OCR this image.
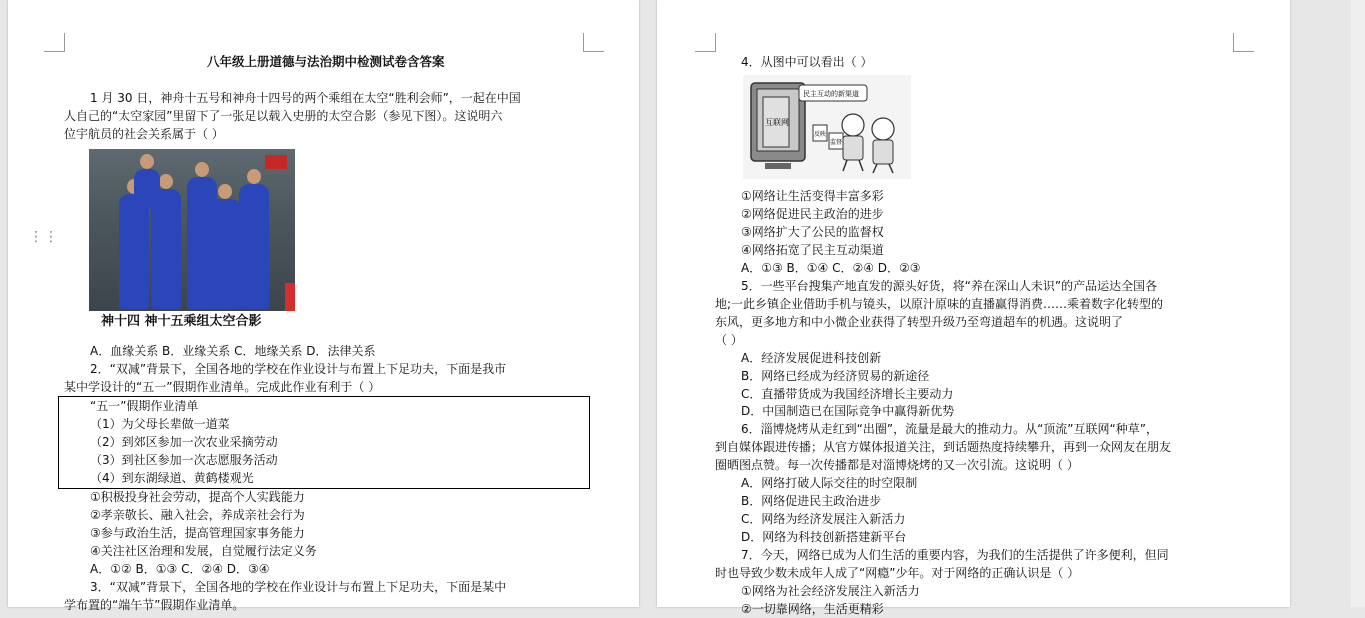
八年级上册道德与法治期中检测试卷含答案
1 月 30 日，神舟十五号和神舟十四号的两个乘组在太空“胜利会师”，一起在中国
人自己的“太空家园”里留下了一张足以载入史册的太空合影（参见下图）。这说明六
位宇航员的社会关系属于（ ）
神十四 神十五乘组太空合影
A．血缘关系 B．业缘关系 C．地缘关系 D．法律关系
2．“双减”背景下，全国各地的学校在作业设计与布置上下足功夫，下面是我市
某中学设计的“五一”假期作业清单。完成此作业有利于（ ）
“五一”假期作业清单
（1）为父母长辈做一道菜
（2）到郊区参加一次农业采摘劳动
（3）到社区参加一次志愿服务活动
（4）到东湖绿道、黄鹤楼观光
①积极投身社会劳动，提高个人实践能力
②孝亲敬长、融入社会，养成亲社会行为
③参与政治生活，提高管理国家事务能力
④关注社区治理和发展，自觉履行法定义务
A．①② B．①③ C．②④ D．③④
3．“双减”背景下，全国各地的学校在作业设计与布置上下足功夫，下面是某中
学布置的“端午节”假期作业清单。
⋮⋮
4．从图中可以看出（ ）
民主互动的新渠道
互联网
反映
监督
①网络让生活变得丰富多彩
②网络促进民主政治的进步
③网络扩大了公民的监督权
④网络拓宽了民主互动渠道
A．①③ B．①④ C．②④ D．②③
5．一些平台搜集产地直发的源头好货，将“养在深山人未识”的产品运达全国各
地;一此乡镇企业借助手机与镜头，以原汁原味的直播赢得消费……乘着数字化转型的
东风，更多地方和中小微企业获得了转型升级乃至弯道超车的机遇。这说明了
（ ）
A．经济发展促进科技创新
B．网络已经成为经济贸易的新途径
C．直播带货成为我国经济增长主要动力
D．中国制造已在国际竞争中赢得新优势
6．淄博烧烤从走红到“出圈”，流量是最大的推动力。从“顶流”互联网“种草”，
到自媒体跟进传播；从官方媒体报道关注，到话题热度持续攀升，再到一众网友在朋友
圈晒图点赞。每一次传播都是对淄博烧烤的又一次引流。这说明（ ）
A．网络打破人际交往的时空限制
B．网络促进民主政治进步
C．网络为经济发展注入新活力
D．网络为科技创新搭建新平台
7．今天，网络已成为人们生活的重要内容，为我们的生活提供了许多便利，但同
时也导致少数未成年人成了“网瘾”少年。对于网络的正确认识是（ ）
①网络为社会经济发展注入新活力
②一切靠网络，生活更精彩
